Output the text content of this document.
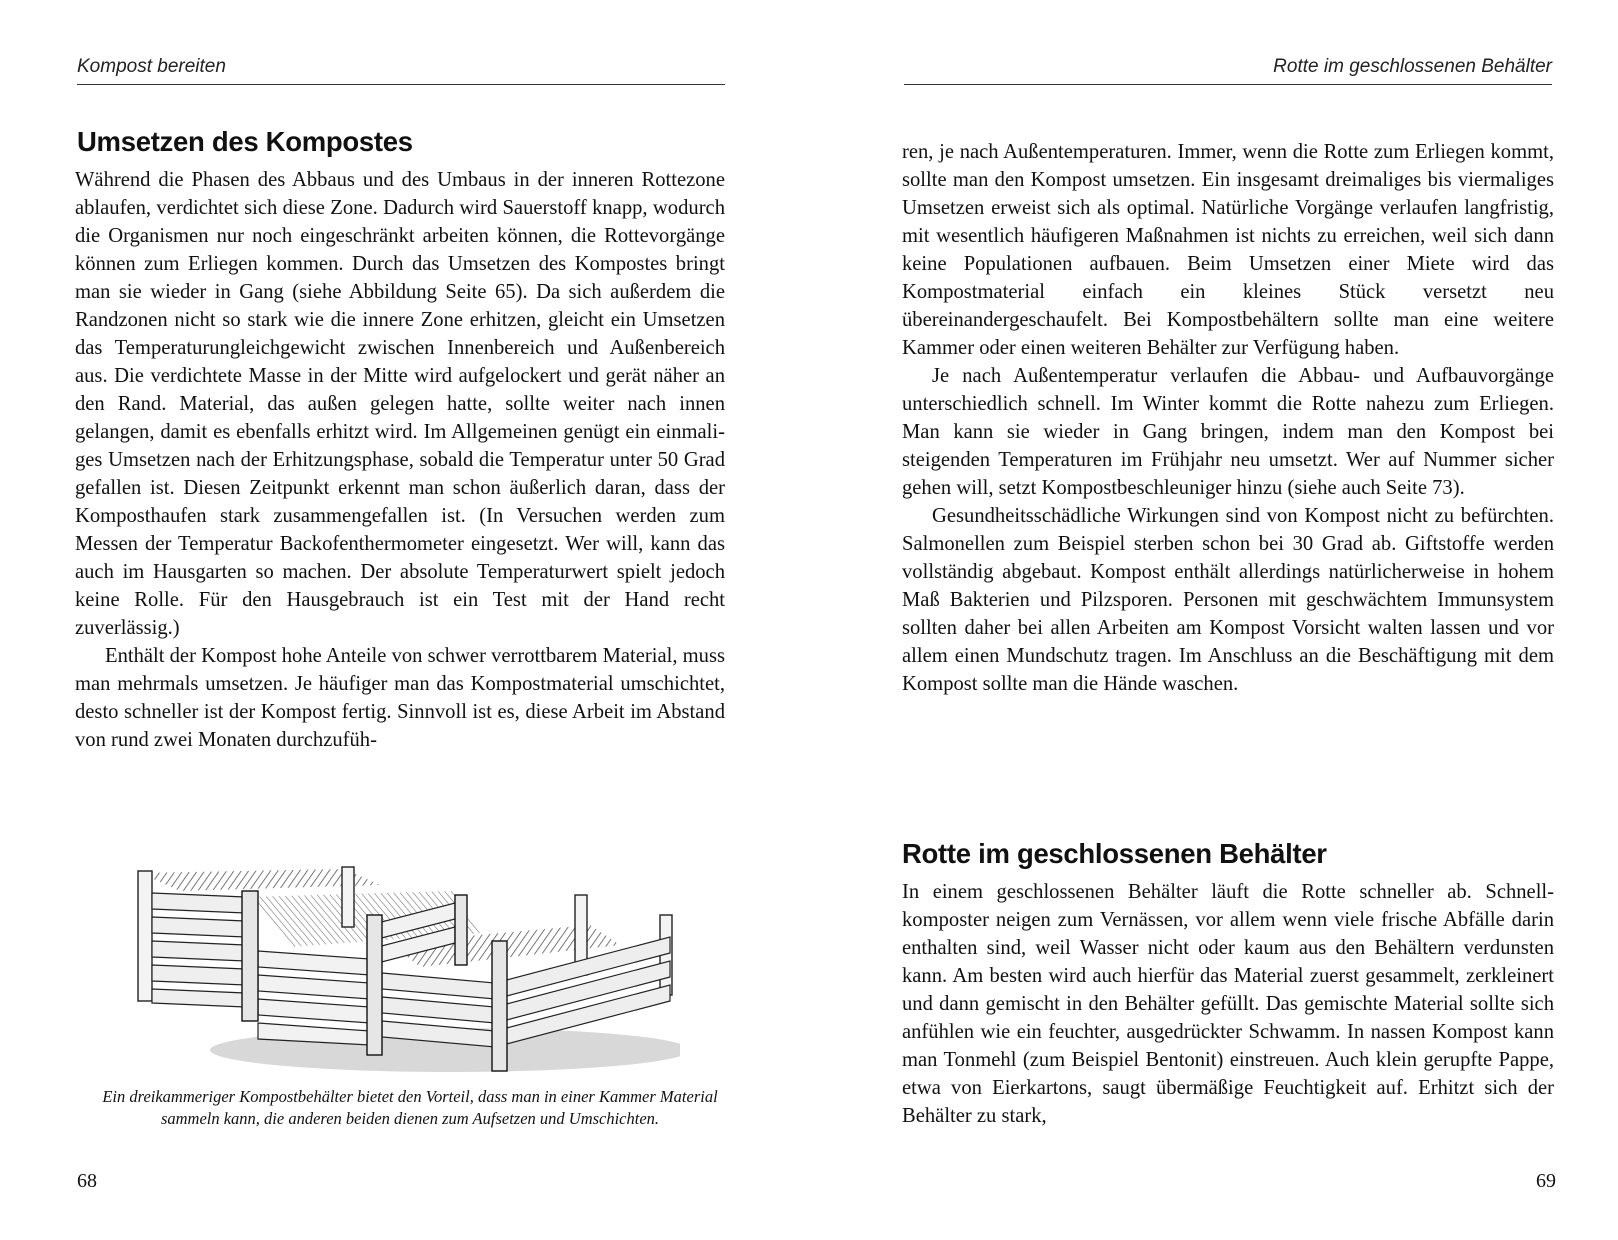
Kompost bereiten
Umsetzen des Kompostes

Während die Phasen des Abbaus und des Umbaus in der inneren Rottezone ablaufen, verdichtet sich diese Zone. Dadurch wird Sauerstoff knapp, wodurch die Organismen nur noch eingeschränkt arbeiten können, die Rottevorgänge können zum Erliegen kommen. Durch das Umsetzen des Kompostes bringt man sie wieder in Gang (siehe Abbildung Seite 65). Da sich außerdem die Randzonen nicht so stark wie die innere Zone erhitzen, gleicht ein Umsetzen das Temperaturungleichgewicht zwischen Innenbereich und Außenbereich aus. Die verdichtete Masse in der Mitte wird aufgelockert und gerät näher an den Rand. Material, das außen gelegen hatte, sollte weiter nach innen gelangen, damit es ebenfalls erhitzt wird. Im Allgemeinen genügt ein einmaliges Umsetzen nach der Erhitzungsphase, sobald die Temperatur unter 50 Grad gefallen ist. Diesen Zeitpunkt erkennt man schon äußerlich daran, dass der Komposthaufen stark zusammengefallen ist. (In Versuchen werden zum Messen der Temperatur Backofenthermometer eingesetzt. Wer will, kann das auch im Hausgarten so machen. Der absolute Temperaturwert spielt jedoch keine Rolle. Für den Hausgebrauch ist ein Test mit der Hand recht zuverlässig.)

Enthält der Kompost hohe Anteile von schwer verrottbarem Material, muss man mehrmals umsetzen. Je häufiger man das Kompostmaterial umschichtet, desto schneller ist der Kompost fertig. Sinnvoll ist es, diese Arbeit im Abstand von rund zwei Monaten durchzufüh-

Ein dreikammeriger Kompostbehälter bietet den Vorteil, dass man in einer Kammer Material sammeln kann, die anderen beiden dienen zum Aufsetzen und Umschichten.

68
Rotte im geschlossenen Behälter

ren, je nach Außentemperaturen. Immer, wenn die Rotte zum Erliegen kommt, sollte man den Kompost umsetzen. Ein insgesamt dreimaliges bis viermaliges Umsetzen erweist sich als optimal. Natürliche Vorgänge verlaufen langfristig, mit wesentlich häufigeren Maßnahmen ist nichts zu erreichen, weil sich dann keine Populationen aufbauen. Beim Umsetzen einer Miete wird das Kompostmaterial einfach ein kleines Stück versetzt neu übereinandergeschaufelt. Bei Kompostbehältern sollte man eine weitere Kammer oder einen weiteren Behälter zur Verfügung haben.

Je nach Außentemperatur verlaufen die Abbau- und Aufbauvorgänge unterschiedlich schnell. Im Winter kommt die Rotte nahezu zum Erliegen. Man kann sie wieder in Gang bringen, indem man den Kompost bei steigenden Temperaturen im Frühjahr neu umsetzt. Wer auf Nummer sicher gehen will, setzt Kompostbeschleuniger hinzu (siehe auch Seite 73).

Gesundheitsschädliche Wirkungen sind von Kompost nicht zu befürchten. Salmonellen zum Beispiel sterben schon bei 30 Grad ab. Giftstoffe werden vollständig abgebaut. Kompost enthält allerdings natürlicherweise in hohem Maß Bakterien und Pilzsporen. Personen mit geschwächtem Immunsystem sollten daher bei allen Arbeiten am Kompost Vorsicht walten lassen und vor allem einen Mundschutz tragen. Im Anschluss an die Beschäftigung mit dem Kompost sollte man die Hände waschen.

Rotte im geschlossenen Behälter

In einem geschlossenen Behälter läuft die Rotte schneller ab. Schnellkomposter neigen zum Vernässen, vor allem wenn viele frische Abfälle darin enthalten sind, weil Wasser nicht oder kaum aus den Behältern verdunsten kann. Am besten wird auch hierfür das Material zuerst gesammelt, zerkleinert und dann gemischt in den Behälter gefüllt. Das gemischte Material sollte sich anfühlen wie ein feuchter, ausgedrückter Schwamm. In nassen Kompost kann man Tonmehl (zum Beispiel Bentonit) einstreuen. Auch klein gerupfte Pappe, etwa von Eierkartons, saugt übermäßige Feuchtigkeit auf. Erhitzt sich der Behälter zu stark,

69
